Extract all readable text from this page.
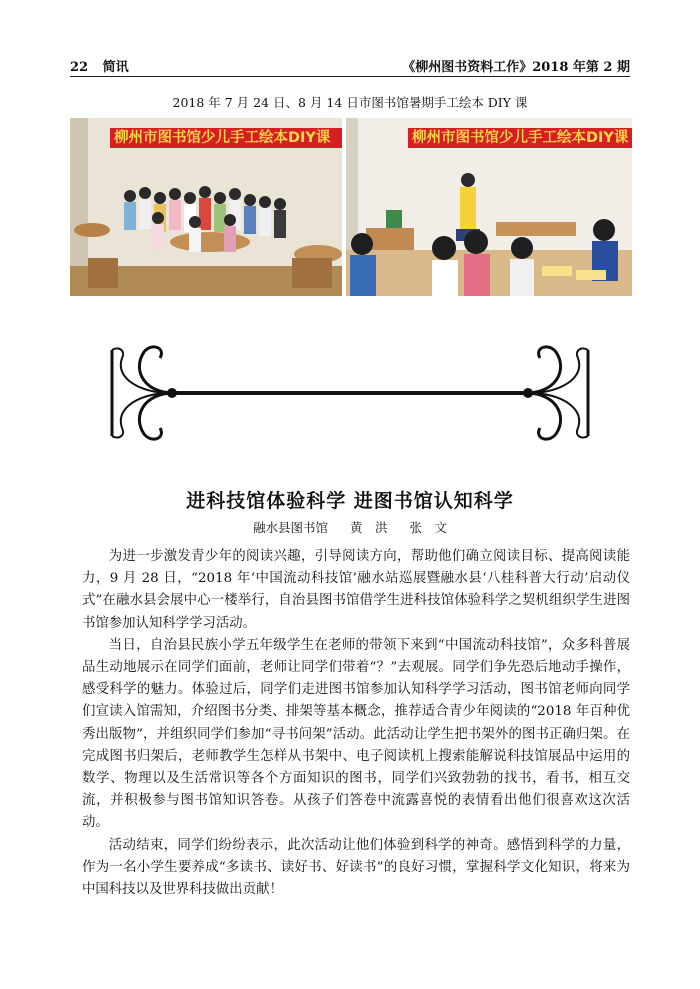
22 简讯	《柳州图书资料工作》2018 年第 2 期
2018 年 7 月 24 日、8 月 14 日市图书馆暑期手工绘本 DIY 课
柳州市图书馆少儿手工绘本DIY课	柳州市图书馆少儿手工绘本DIY课
进科技馆体验科学 进图书馆认知科学
融水县图书馆 黄　洪 张　文

为进一步激发青少年的阅读兴趣，引导阅读方向，帮助他们确立阅读目标、提高阅读能力，9 月 28 日，“2018 年‘中国流动科技馆’融水站巡展暨融水县‘八桂科普大行动’启动仪式”在融水县会展中心一楼举行，自治县图书馆借学生进科技馆体验科学之契机组织学生进图书馆参加认知科学学习活动。

当日，自治县民族小学五年级学生在老师的带领下来到“中国流动科技馆”，众多科普展品生动地展示在同学们面前，老师让同学们带着“？”去观展。同学们争先恐后地动手操作，感受科学的魅力。体验过后，同学们走进图书馆参加认知科学学习活动，图书馆老师向同学们宣读入馆需知，介绍图书分类、排架等基本概念，推荐适合青少年阅读的“2018 年百种优秀出版物”，并组织同学们参加“寻书问架”活动。此活动让学生把书架外的图书正确归架。在完成图书归架后，老师教学生怎样从书架中、电子阅读机上搜索能解说科技馆展品中运用的数学、物理以及生活常识等各个方面知识的图书，同学们兴致勃勃的找书，看书，相互交流，并积极参与图书馆知识答卷。从孩子们答卷中流露喜悦的表情看出他们很喜欢这次活动。

活动结束，同学们纷纷表示，此次活动让他们体验到科学的神奇。感悟到科学的力量，作为一名小学生要养成“多读书、读好书、好读书”的良好习惯，掌握科学文化知识，将来为中国科技以及世界科技做出贡献！
